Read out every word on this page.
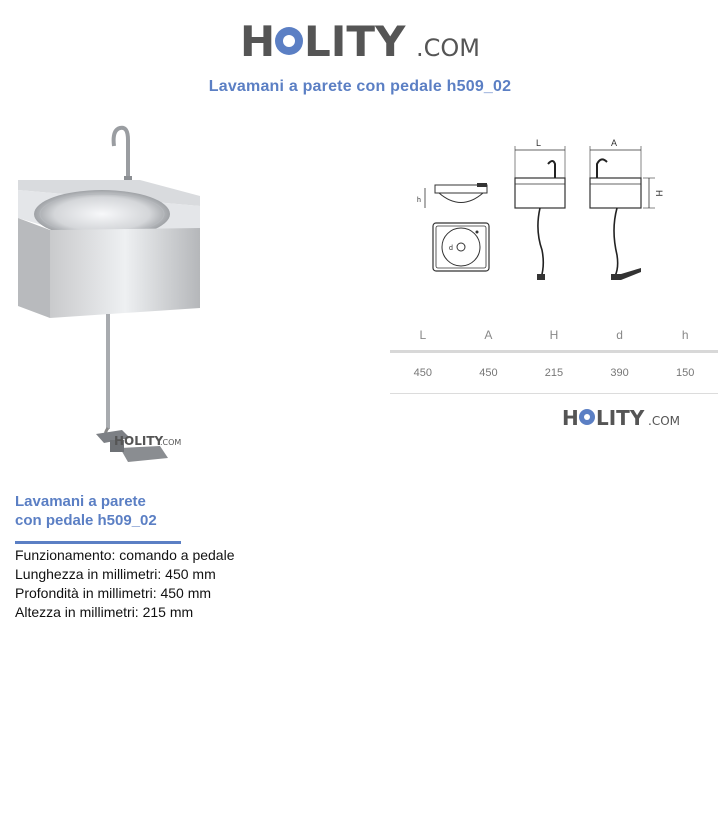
H LITY .COM
Lavamani a parete con pedale h509_02
HOLITY
.COM
h
d
L	A
H
L	A	H	d	h
450	450	215	390	150
H LITY .COM
Lavamani a parete
con pedale h509_02
Funzionamento: comando a pedale
Lunghezza in millimetri: 450 mm
Profondità in millimetri: 450 mm
Altezza in millimetri: 215 mm
